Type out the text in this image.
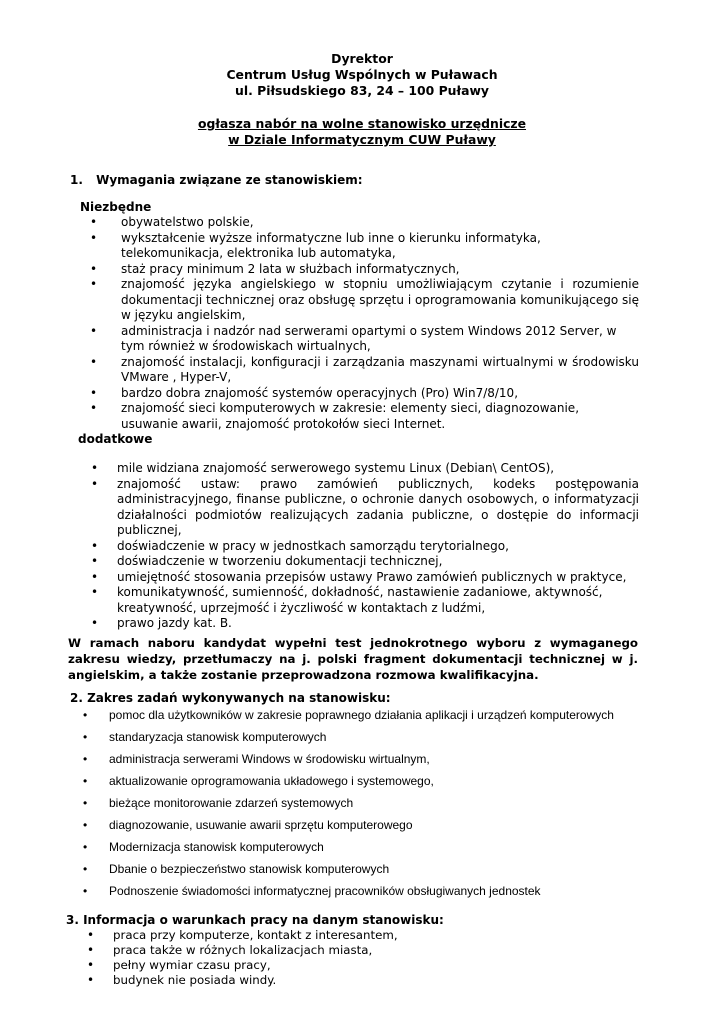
Dyrektor
Centrum Usług Wspólnych w Puławach
ul. Piłsudskiego 83, 24 – 100 Puławy
ogłasza nabór na wolne stanowisko urzędnicze
w Dziale Informatycznym CUW Puławy
1. Wymagania związane ze stanowiskiem:
Niezbędne
• obywatelstwo polskie,
• wykształcenie wyższe informatyczne lub inne o kierunku informatyka, telekomunikacja, elektronika lub automatyka,
• staż pracy minimum 2 lata w służbach informatycznych,
• znajomość języka angielskiego w stopniu umożliwiającym czytanie i rozumienie dokumentacji technicznej oraz obsługę sprzętu i oprogramowania komunikującego się w języku angielskim,
• administracja i nadzór nad serwerami opartymi o system Windows 2012 Server, w tym również w środowiskach wirtualnych,
• znajomość instalacji, konfiguracji i zarządzania maszynami wirtualnymi w środowisku VMware , Hyper-V,
• bardzo dobra znajomość systemów operacyjnych (Pro) Win7/8/10,
• znajomość sieci komputerowych w zakresie: elementy sieci, diagnozowanie, usuwanie awarii, znajomość protokołów sieci Internet.
dodatkowe
• mile widziana znajomość serwerowego systemu Linux (Debian\ CentOS),
• znajomość ustaw: prawo zamówień publicznych, kodeks postępowania administracyjnego, finanse publiczne, o ochronie danych osobowych, o informatyzacji działalności podmiotów realizujących zadania publiczne, o dostępie do informacji publicznej,
• doświadczenie w pracy w jednostkach samorządu terytorialnego,
• doświadczenie w tworzeniu dokumentacji technicznej,
• umiejętność stosowania przepisów ustawy Prawo zamówień publicznych w praktyce,
• komunikatywność, sumienność, dokładność, nastawienie zadaniowe, aktywność, kreatywność, uprzejmość i życzliwość w kontaktach z ludźmi,
• prawo jazdy kat. B.
W ramach naboru kandydat wypełni test jednokrotnego wyboru z wymaganego zakresu wiedzy, przetłumaczy na j. polski fragment dokumentacji technicznej w j. angielskim, a także zostanie przeprowadzona rozmowa kwalifikacyjna.
2. Zakres zadań wykonywanych na stanowisku:
• pomoc dla użytkowników w zakresie poprawnego działania aplikacji i urządzeń komputerowych
• standaryzacja stanowisk komputerowych
• administracja serwerami Windows w środowisku wirtualnym,
• aktualizowanie oprogramowania układowego i systemowego,
• bieżące monitorowanie zdarzeń systemowych
• diagnozowanie, usuwanie awarii sprzętu komputerowego
• Modernizacja stanowisk komputerowych
• Dbanie o bezpieczeństwo stanowisk komputerowych
• Podnoszenie świadomości informatycznej pracowników obsługiwanych jednostek
3. Informacja o warunkach pracy na danym stanowisku:
• praca przy komputerze, kontakt z interesantem,
• praca także w różnych lokalizacjach miasta,
• pełny wymiar czasu pracy,
• budynek nie posiada windy.
